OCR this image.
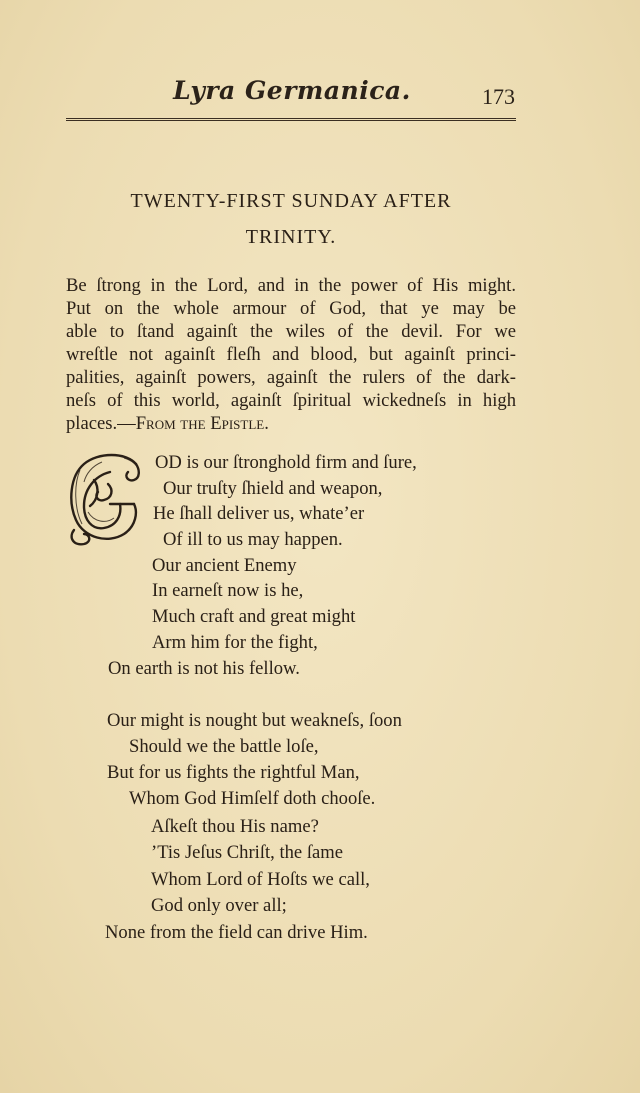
Lyra Germanica.	173
TWENTY-FIRST SUNDAY AFTER
TRINITY.
Be ſtrong in the Lord, and in the power of His might.
Put on the whole armour of God, that ye may be
able to ſtand againſt the wiles of the devil. For we
wreſtle not againſt fleſh and blood, but againſt princi-
palities, againſt powers, againſt the rulers of the dark-
neſs of this world, againſt ſpiritual wickedneſs in high
places.—From the Epistle.
OD is our ſtronghold firm and ſure,
Our truſty ſhield and weapon,
He ſhall deliver us, whate’er
Of ill to us may happen.
Our ancient Enemy
In earneſt now is he,
Much craft and great might
Arm him for the fight,
On earth is not his fellow.
Our might is nought but weakneſs, ſoon
Should we the battle loſe,
But for us fights the rightful Man,
Whom God Himſelf doth chooſe.
Aſkeſt thou His name?
’Tis Jeſus Chriſt, the ſame
Whom Lord of Hoſts we call,
God only over all;
None from the field can drive Him.
